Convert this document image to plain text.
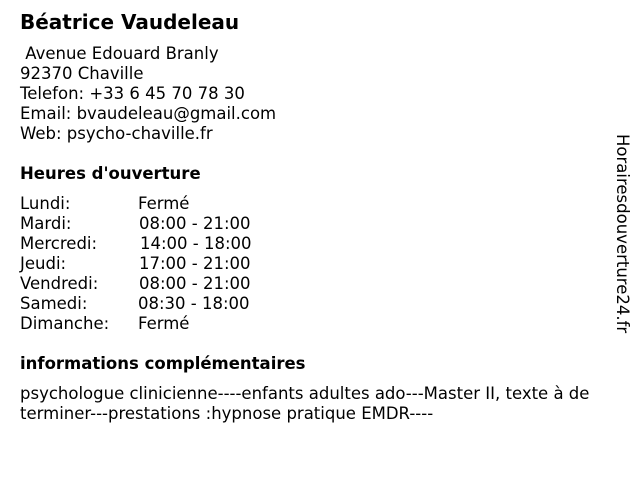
Béatrice Vaudeleau
Avenue Edouard Branly
92370 Chaville
Telefon: +33 6 45 70 78 30
Email: bvaudeleau@gmail.com
Web: psycho-chaville.fr
Heures d'ouverture
Lundi:	Fermé
Mardi:	08:00 - 21:00
Mercredi:	14:00 - 18:00
Jeudi:	17:00 - 21:00
Vendredi: 08:00 - 21:00
Samedi:	08:30 - 18:00
Dimanche: Fermé
informations complémentaires
psychologue clinicienne----enfants adultes ado---Master II, texte à de
terminer---prestations :hypnose pratique EMDR----
Horairesdouverture24.fr
